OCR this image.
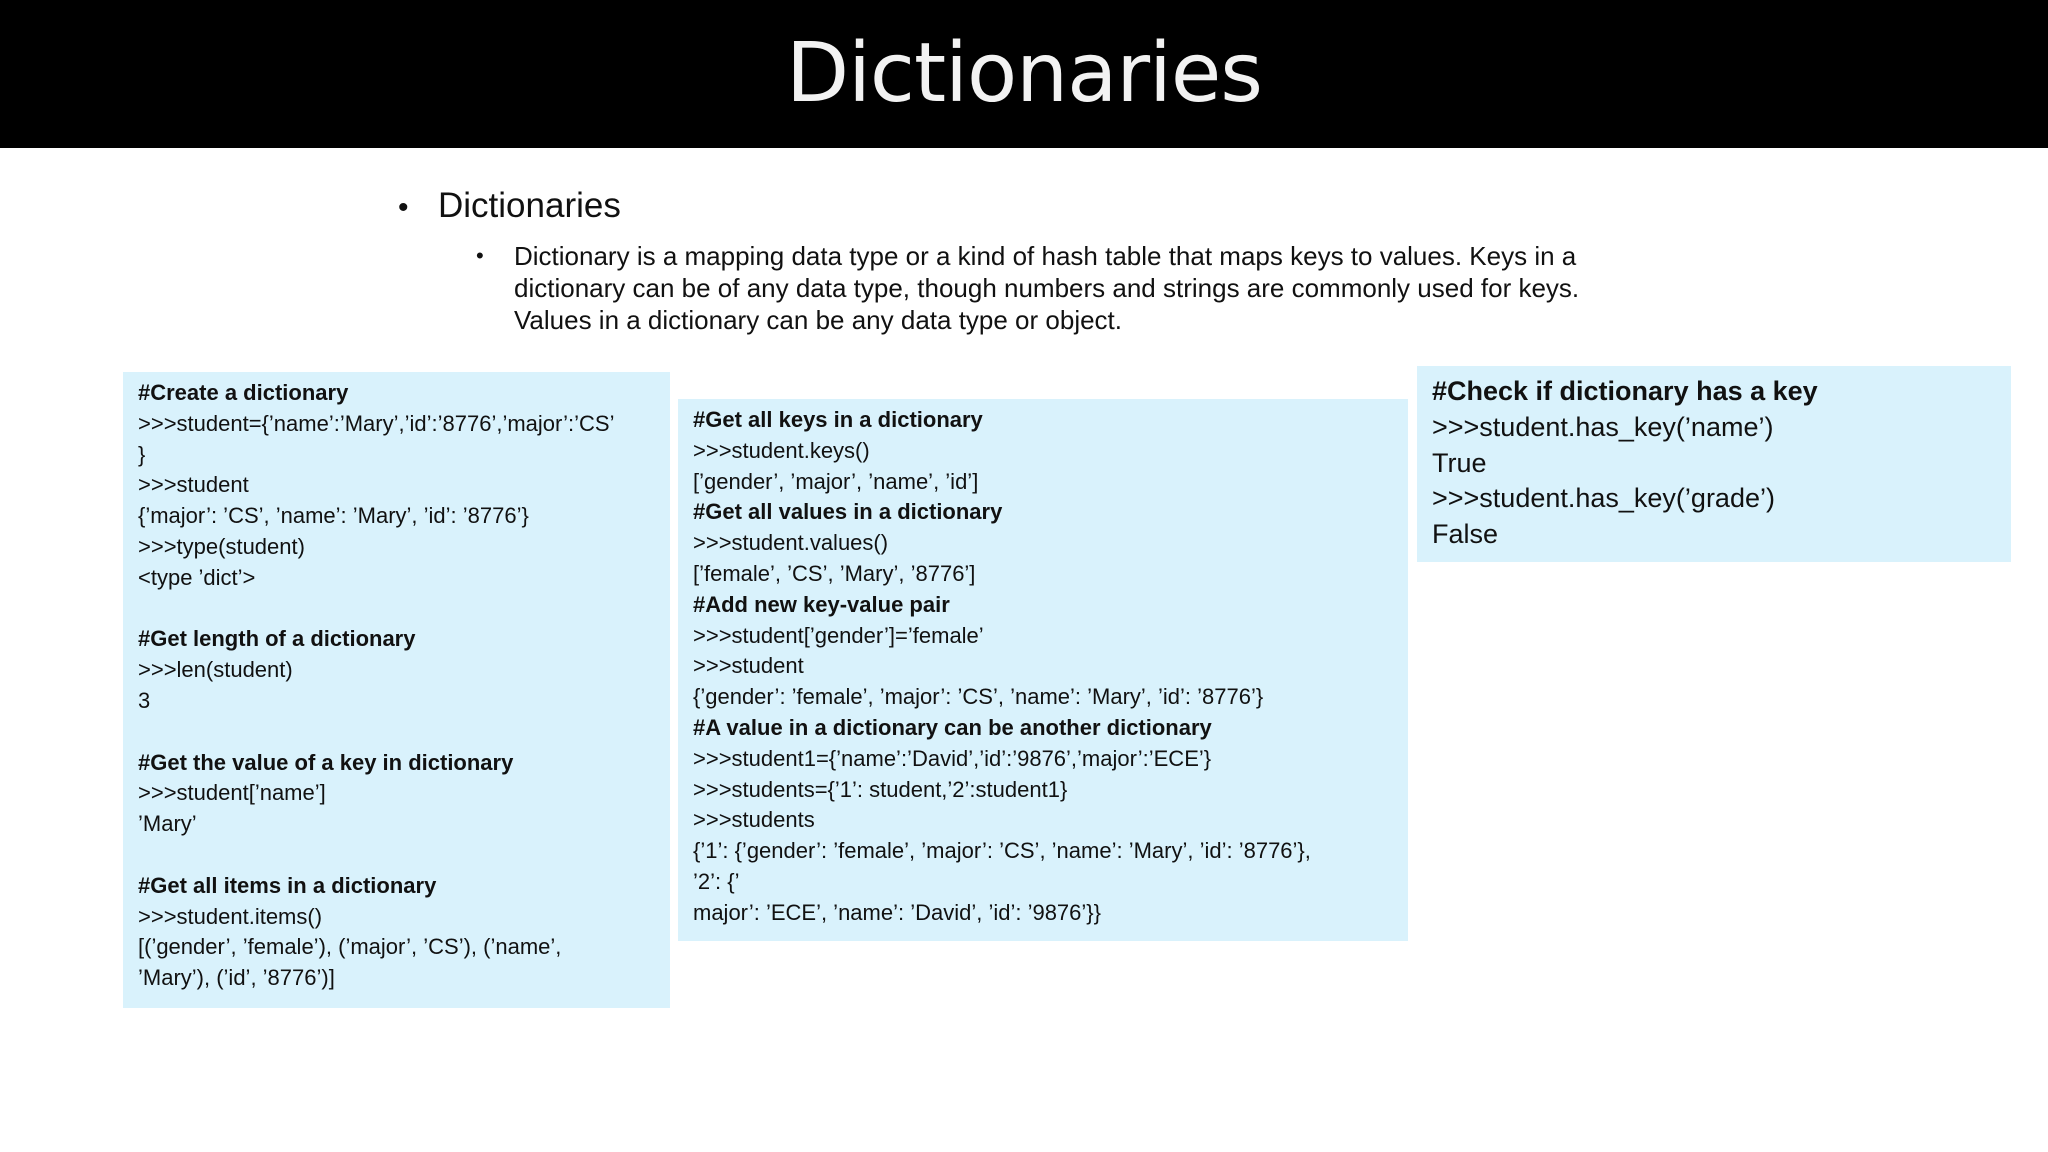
Dictionaries
• Dictionaries
•	Dictionary is a mapping data type or a kind of hash table that maps keys to values. Keys in a dictionary can be of any data type, though numbers and strings are commonly used for keys. Values in a dictionary can be any data type or object.
#Create a dictionary
>>>student={’name’:’Mary’,’id’:’8776’,’major’:’CS’
}
>>>student
{’major’: ’CS’, ’name’: ’Mary’, ’id’: ’8776’}
>>>type(student)
<type ’dict’>
#Get length of a dictionary
>>>len(student)
3
#Get the value of a key in dictionary
>>>student[’name’]
’Mary’
#Get all items in a dictionary
>>>student.items()
[(’gender’, ’female’), (’major’, ’CS’), (’name’,
’Mary’), (’id’, ’8776’)]
#Get all keys in a dictionary
>>>student.keys()
[’gender’, ’major’, ’name’, ’id’]
#Get all values in a dictionary
>>>student.values()
[’female’, ’CS’, ’Mary’, ’8776’]
#Add new key-value pair
>>>student[’gender’]=’female’
>>>student
{’gender’: ’female’, ’major’: ’CS’, ’name’: ’Mary’, ’id’: ’8776’}
#A value in a dictionary can be another dictionary
>>>student1={’name’:’David’,’id’:’9876’,’major’:’ECE’}
>>>students={’1’: student,’2’:student1}
>>>students
{’1’: {’gender’: ’female’, ’major’: ’CS’, ’name’: ’Mary’, ’id’: ’8776’},
’2’: {’
major’: ’ECE’, ’name’: ’David’, ’id’: ’9876’}}
#Check if dictionary has a key
>>>student.has_key(’name’)
True
>>>student.has_key(’grade’)
False
